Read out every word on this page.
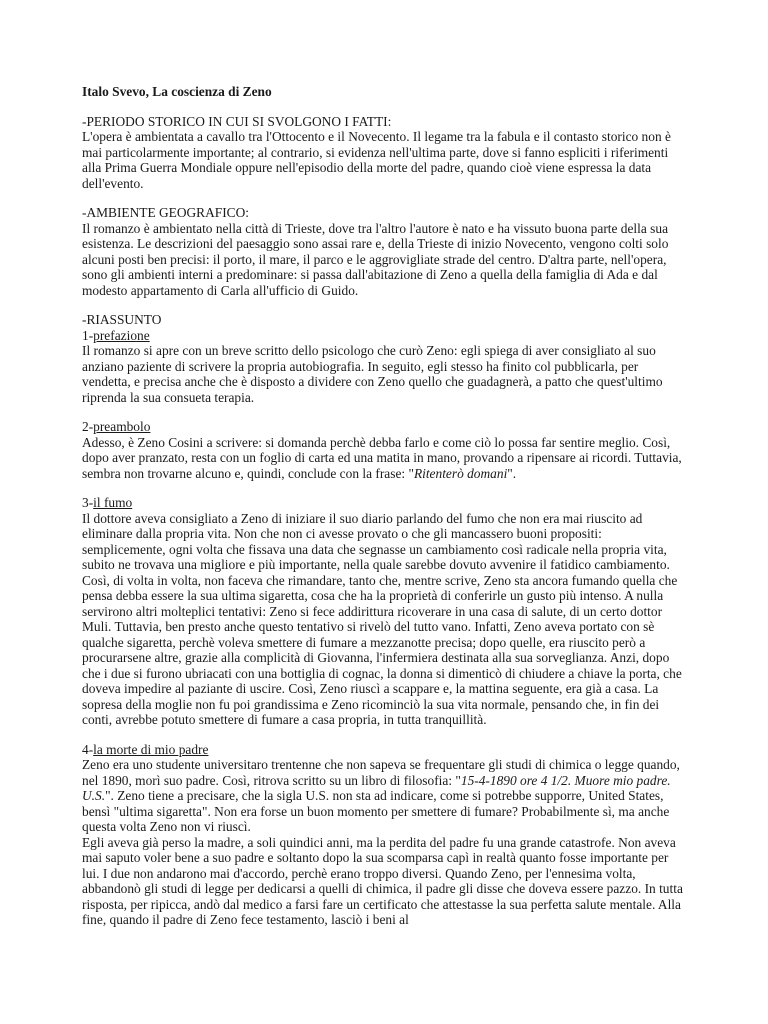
Italo Svevo, La coscienza di Zeno

-PERIODO STORICO IN CUI SI SVOLGONO I FATTI:

L'opera è ambientata a cavallo tra l'Ottocento e il Novecento. Il legame tra la fabula e il contasto storico non è mai particolarmente importante; al contrario, si evidenza nell'ultima parte, dove si fanno espliciti i riferimenti alla Prima Guerra Mondiale oppure nell'episodio della morte del padre, quando cioè viene espressa la data dell'evento.

-AMBIENTE GEOGRAFICO:

Il romanzo è ambientato nella città di Trieste, dove tra l'altro l'autore è nato e ha vissuto buona parte della sua esistenza. Le descrizioni del paesaggio sono assai rare e, della Trieste di inizio Novecento, vengono colti solo alcuni posti ben precisi: il porto, il mare, il parco e le aggrovigliate strade del centro. D'altra parte, nell'opera, sono gli ambienti interni a predominare: si passa dall'abitazione di Zeno a quella della famiglia di Ada e dal modesto appartamento di Carla all'ufficio di Guido.

-RIASSUNTO

1-prefazione

Il romanzo si apre con un breve scritto dello psicologo che curò Zeno: egli spiega di aver consigliato al suo anziano paziente di scrivere la propria autobiografia. In seguito, egli stesso ha finito col pubblicarla, per vendetta, e precisa anche che è disposto a dividere con Zeno quello che guadagnerà, a patto che quest'ultimo riprenda la sua consueta terapia.

2-preambolo

Adesso, è Zeno Cosini a scrivere: si domanda perchè debba farlo e come ciò lo possa far sentire meglio. Così, dopo aver pranzato, resta con un foglio di carta ed una matita in mano, provando a ripensare ai ricordi. Tuttavia, sembra non trovarne alcuno e, quindi, conclude con la frase: "Ritenterò domani".

3-il fumo

Il dottore aveva consigliato a Zeno di iniziare il suo diario parlando del fumo che non era mai riuscito ad eliminare dalla propria vita. Non che non ci avesse provato o che gli mancassero buoni propositi: semplicemente, ogni volta che fissava una data che segnasse un cambiamento così radicale nella propria vita, subito ne trovava una migliore e più importante, nella quale sarebbe dovuto avvenire il fatidico cambiamento. Così, di volta in volta, non faceva che rimandare, tanto che, mentre scrive, Zeno sta ancora fumando quella che pensa debba essere la sua ultima sigaretta, cosa che ha la proprietà di conferirle un gusto più intenso. A nulla servirono altri molteplici tentativi: Zeno si fece addirittura ricoverare in una casa di salute, di un certo dottor Muli. Tuttavia, ben presto anche questo tentativo si rivelò del tutto vano. Infatti, Zeno aveva portato con sè qualche sigaretta, perchè voleva smettere di fumare a mezzanotte precisa; dopo quelle, era riuscito però a procurarsene altre, grazie alla complicità di Giovanna, l'infermiera destinata alla sua sorveglianza. Anzi, dopo che i due si furono ubriacati con una bottiglia di cognac, la donna si dimenticò di chiudere a chiave la porta, che doveva impedire al paziante di uscire. Così, Zeno riuscì a scappare e, la mattina seguente, era già a casa. La sopresa della moglie non fu poi grandissima e Zeno ricominciò la sua vita normale, pensando che, in fin dei conti, avrebbe potuto smettere di fumare a casa propria, in tutta tranquillità.

4-la morte di mio padre

Zeno era uno studente universitaro trentenne che non sapeva se frequentare gli studi di chimica o legge quando, nel 1890, morì suo padre. Così, ritrova scritto su un libro di filosofia: "15-4-1890 ore 4 1/2. Muore mio padre. U.S.". Zeno tiene a precisare, che la sigla U.S. non sta ad indicare, come si potrebbe supporre, United States, bensì "ultima sigaretta". Non era forse un buon momento per smettere di fumare? Probabilmente sì, ma anche questa volta Zeno non vi riuscì.

Egli aveva già perso la madre, a soli quindici anni, ma la perdita del padre fu una grande catastrofe. Non aveva mai saputo voler bene a suo padre e soltanto dopo la sua scomparsa capì in realtà quanto fosse importante per lui. I due non andarono mai d'accordo, perchè erano troppo diversi. Quando Zeno, per l'ennesima volta, abbandonò gli studi di legge per dedicarsi a quelli di chimica, il padre gli disse che doveva essere pazzo. In tutta risposta, per ripicca, andò dal medico a farsi fare un certificato che attestasse la sua perfetta salute mentale. Alla fine, quando il padre di Zeno fece testamento, lasciò i beni al
